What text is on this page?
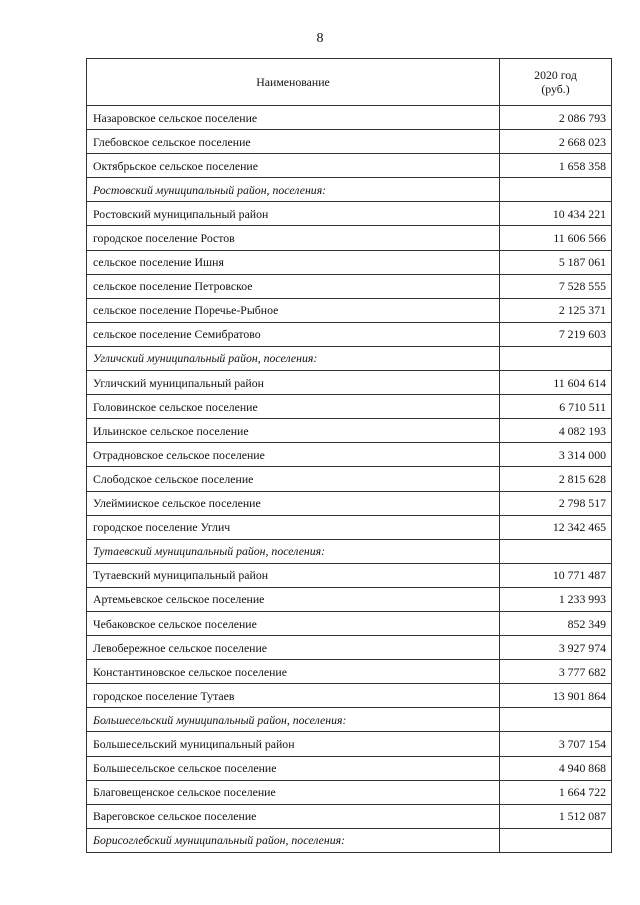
8
Наименование	2020 год
(руб.)
Назаровское сельское поселение	2 086 793
Глебовское сельское поселение	2 668 023
Октябрьское сельское поселение	1 658 358
Ростовский муниципальный район, поселения:	
Ростовский муниципальный район	10 434 221
городское поселение Ростов	11 606 566
сельское поселение Ишня	5 187 061
сельское поселение Петровское	7 528 555
сельское поселение Поречье-Рыбное	2 125 371
сельское поселение Семибратово	7 219 603
Угличский муниципальный район, поселения:	
Угличский муниципальный район	11 604 614
Головинское сельское поселение	6 710 511
Ильинское сельское поселение	4 082 193
Отрадновское сельское поселение	3 314 000
Слободское сельское поселение	2 815 628
Улеймииское сельское поселение	2 798 517
городское поселение Углич	12 342 465
Тутаевский муниципальный район, поселения:	
Тутаевский муниципальный район	10 771 487
Артемьевское сельское поселение	1 233 993
Чебаковское сельское поселение	852 349
Левобережное сельское поселение	3 927 974
Константиновское сельское поселение	3 777 682
городское поселение Тутаев	13 901 864
Большесельский муниципальный район, поселения:	
Большесельский муниципальный район	3 707 154
Большесельское сельское поселение	4 940 868
Благовещенское сельское поселение	1 664 722
Вареговское сельское поселение	1 512 087
Борисоглебский муниципальный район, поселения:	
